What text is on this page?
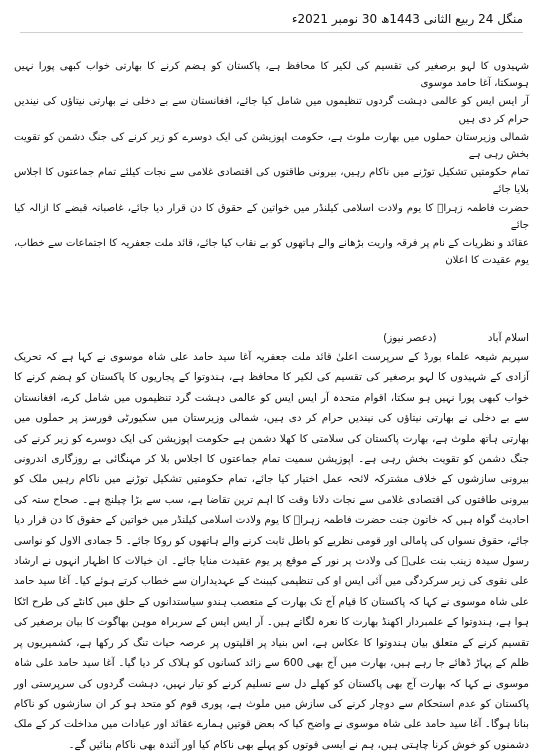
منگل 24 ربیع الثانی 1443ھ 30 نومبر 2021ء

شہیدوں کا لہو برصغیر کی تقسیم کی لکیر کا محافظ ہے، پاکستان کو ہضم کرنے کا بھارتی خواب کبھی پورا نہیں ہوسکتا، آغا حامد موسوی

آر ایس ایس کو عالمی دہشت گردوں تنظیموں میں شامل کیا جائے، افغانستان سے بے دخلی نے بھارتی نیتاؤں کی نیندیں حرام کر دی ہیں

شمالی وزیرستان حملوں میں بھارت ملوث ہے، حکومت اپوزیشن کی ایک دوسرے کو زیر کرنے کی جنگ دشمن کو تقویت بخش رہی ہے

تمام حکومتیں تشکیل توڑنے میں ناکام رہیں، بیرونی طاقتوں کی اقتصادی غلامی سے نجات کیلئے تمام جماعتوں کا اجلاس بلایا جائے

حضرت فاطمہ زہراؑ کا یوم ولادت اسلامی کیلنڈر میں خواتین کے حقوق کا دن قرار دیا جائے، غاصبانہ قبضے کا ازالہ کیا جائے

عقائد و نظریات کے نام پر فرقہ واریت بڑھانے والے ہاتھوں کو بے نقاب کیا جائے، قائد ملت جعفریہ کا اجتماعات سے خطاب، یوم عقیدت کا اعلان

اسلام آباد (دعصر نیوز)
سپریم شیعہ علماء بورڈ کے سرپرست اعلیٰ قائد ملت جعفریہ آغا سید حامد علی شاہ موسوی نے کہا ہے کہ تحریک آزادی کے شہیدوں کا لہو برصغیر کی تقسیم کی لکیر کا محافظ ہے، ہندوتوا کے پجاریوں کا پاکستان کو ہضم کرنے کا خواب کبھی پورا نہیں ہو سکتا، اقوام متحدہ آر ایس ایس کو عالمی دہشت گرد تنظیموں میں شامل کرے، افغانستان سے بے دخلی نے بھارتی نیتاؤں کی نیندیں حرام کر دی ہیں، شمالی وزیرستان میں سکیورٹی فورسز پر حملوں میں بھارتی ہاتھ ملوث ہے، بھارت پاکستان کی سلامتی کا کھلا دشمن ہے حکومت اپوزیشن کی ایک دوسرے کو زیر کرنے کی جنگ دشمن کو تقویت بخش رہی ہے۔ اپوزیشن سمیت تمام جماعتوں کا اجلاس بلا کر مہنگائی بے روزگاری اندرونی بیرونی سازشوں کے خلاف مشترکہ لائحہ عمل اختیار کیا جائے، تمام حکومتیں تشکیل توڑنے میں ناکام رہیں ملک کو بیرونی طاقتوں کی اقتصادی غلامی سے نجات دلانا وقت کا اہم ترین تقاضا ہے، سب سے بڑا چیلنج ہے۔ صحاح ستہ کی احادیث گواہ ہیں کہ خاتون جنت حضرت فاطمہ زہراؑ کا یوم ولادت اسلامی کیلنڈر میں خواتین کے حقوق کا دن قرار دیا جائے، حقوق نسواں کی پامالی اور قومی نظریے کو باطل ثابت کرنے والے ہاتھوں کو روکا جائے۔ 5 جمادی الاول کو نواسی رسول سیدہ زینب بنت علیؑ کی ولادت پر نور کے موقع پر یوم عقیدت منایا جائے۔ ان خیالات کا اظہار انہوں نے ارشاد علی نقوی کی زیر سرکردگی میں آئی ایس او کی تنظیمی کیبنٹ کے عہدیداران سے خطاب کرتے ہوئے کیا۔ آغا سید حامد علی شاہ موسوی نے کہا کہ پاکستان کا قیام آج تک بھارت کے متعصب ہندو سیاستدانوں کے حلق میں کانٹے کی طرح اٹکا ہوا ہے، ہندوتوا کے علمبردار اکھنڈ بھارت کا نعرہ لگاتے ہیں۔ آر ایس ایس کے سربراہ موہن بھاگوت کا بیان برصغیر کی تقسیم کرنے کے متعلق بیان ہندوتوا کا عکاس ہے، اس بنیاد پر اقلیتوں پر عرصہ حیات تنگ کر رکھا ہے، کشمیریوں پر ظلم کے پہاڑ ڈھائے جا رہے ہیں، بھارت میں آج بھی 600 سے زائد کسانوں کو ہلاک کر دیا گیا۔ آغا سید حامد علی شاہ موسوی نے کہا کہ بھارت آج بھی پاکستان کو کھلے دل سے تسلیم کرنے کو تیار نہیں، دہشت گردوں کی سرپرستی اور پاکستان کو عدم استحکام سے دوچار کرنے کی سازش میں ملوث ہے، پوری قوم کو متحد ہو کر ان سازشوں کو ناکام بنانا ہوگا۔ آغا سید حامد علی شاہ موسوی نے واضح کیا کہ بعض قوتیں ہمارے عقائد اور عبادات میں مداخلت کر کے ملک دشمنوں کو خوش کرنا چاہتی ہیں، ہم نے ایسی قوتوں کو پہلے بھی ناکام کیا اور آئندہ بھی ناکام بنائیں گے۔
